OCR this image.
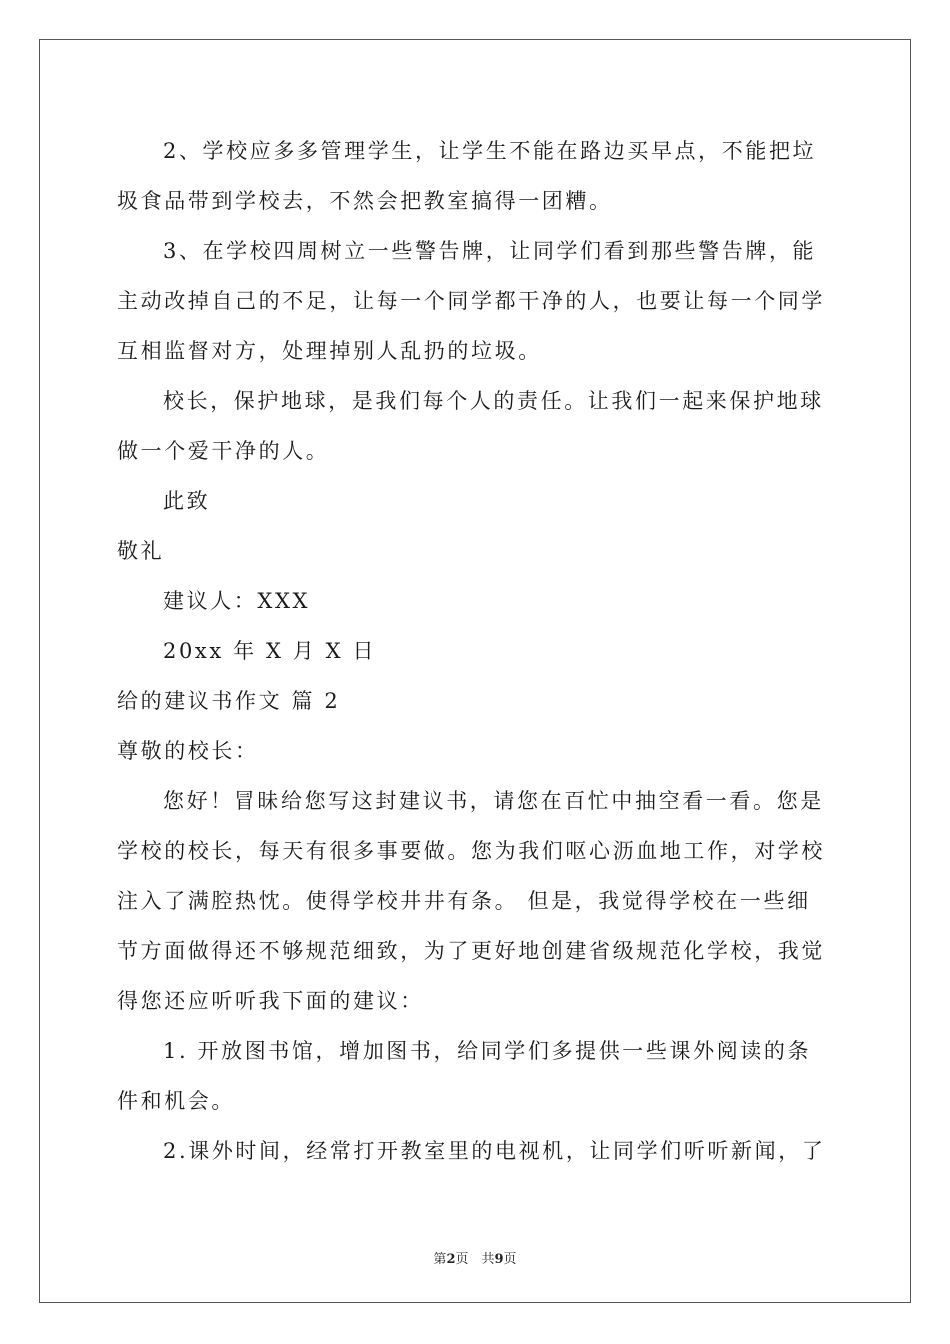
2、学校应多多管理学生，让学生不能在路边买早点，不能把垃
圾食品带到学校去，不然会把教室搞得一团糟。
3、在学校四周树立一些警告牌，让同学们看到那些警告牌，能
主动改掉自己的不足，让每一个同学都干净的人，也要让每一个同学
互相监督对方，处理掉别人乱扔的垃圾。
校长，保护地球，是我们每个人的责任。让我们一起来保护地球
做一个爱干净的人。
此致
敬礼
建议人：XXX
20xx 年 X 月 X 日
给的建议书作文 篇 2
尊敬的校长：
您好！冒昧给您写这封建议书，请您在百忙中抽空看一看。您是
学校的校长，每天有很多事要做。您为我们呕心沥血地工作，对学校
注入了满腔热忱。使得学校井井有条。 但是，我觉得学校在一些细
节方面做得还不够规范细致，为了更好地创建省级规范化学校，我觉
得您还应听听我下面的建议：
1. 开放图书馆，增加图书，给同学们多提供一些课外阅读的条
件和机会。
2.课外时间，经常打开教室里的电视机，让同学们听听新闻，了
第2页　共9页
